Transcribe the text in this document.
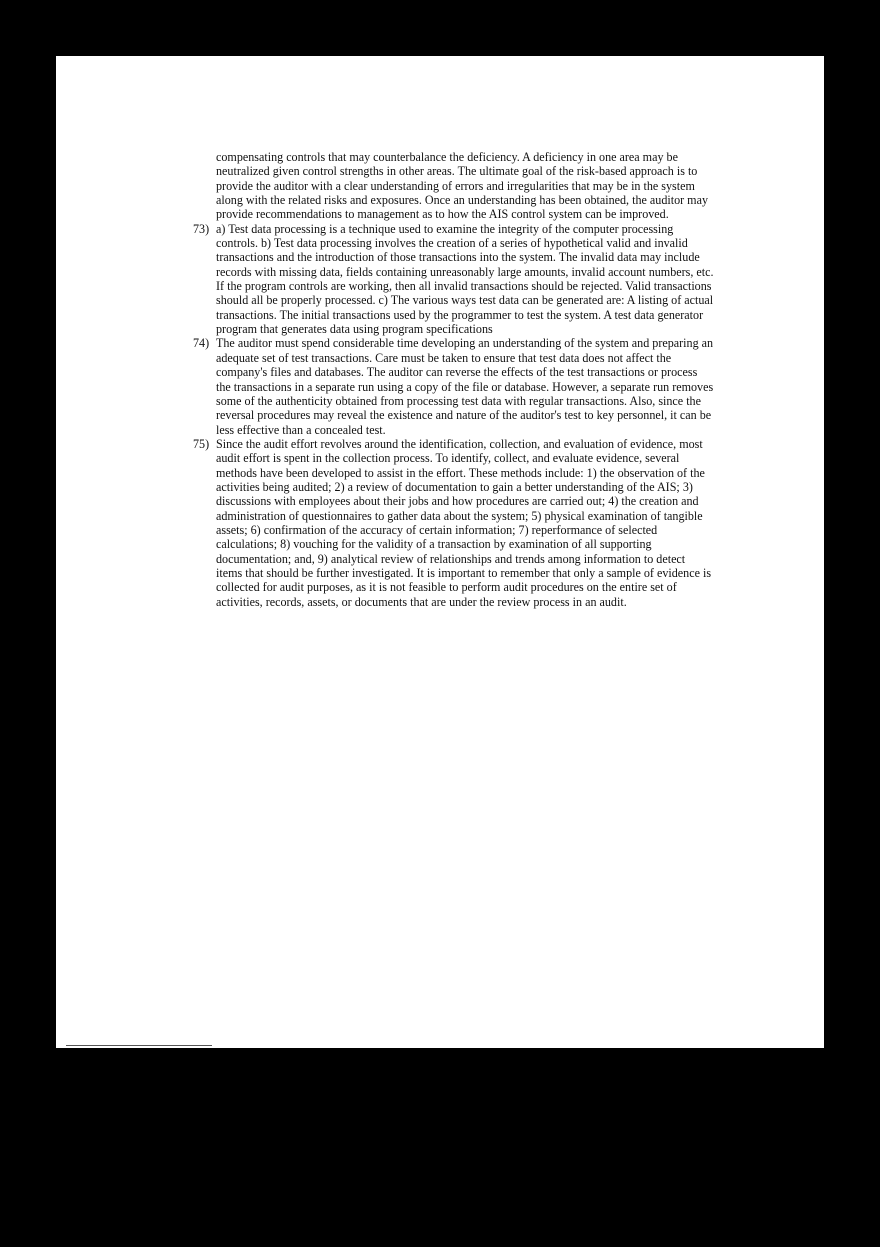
compensating controls that may counterbalance the deficiency. A deficiency in one area may be neutralized given control strengths in other areas. The ultimate goal of the risk-based approach is to provide the auditor with a clear understanding of errors and irregularities that may be in the system along with the related risks and exposures. Once an understanding has been obtained, the auditor may provide recommendations to management as to how the AIS control system can be improved.

73) a) Test data processing is a technique used to examine the integrity of the computer processing controls. b) Test data processing involves the creation of a series of hypothetical valid and invalid transactions and the introduction of those transactions into the system. The invalid data may include records with missing data, fields containing unreasonably large amounts, invalid account numbers, etc. If the program controls are working, then all invalid transactions should be rejected. Valid transactions should all be properly processed. c) The various ways test data can be generated are: A listing of actual transactions. The initial transactions used by the programmer to test the system. A test data generator program that generates data using program specifications
74) The auditor must spend considerable time developing an understanding of the system and preparing an adequate set of test transactions. Care must be taken to ensure that test data does not affect the company's files and databases. The auditor can reverse the effects of the test transactions or process the transactions in a separate run using a copy of the file or database. However, a separate run removes some of the authenticity obtained from processing test data with regular transactions. Also, since the reversal procedures may reveal the existence and nature of the auditor's test to key personnel, it can be less effective than a concealed test.
75) Since the audit effort revolves around the identification, collection, and evaluation of evidence, most audit effort is spent in the collection process. To identify, collect, and evaluate evidence, several methods have been developed to assist in the effort. These methods include: 1) the observation of the activities being audited; 2) a review of documentation to gain a better understanding of the AIS; 3) discussions with employees about their jobs and how procedures are carried out; 4) the creation and administration of questionnaires to gather data about the system; 5) physical examination of tangible assets; 6) confirmation of the accuracy of certain information; 7) reperformance of selected calculations; 8) vouching for the validity of a transaction by examination of all supporting documentation; and, 9) analytical review of relationships and trends among information to detect items that should be further investigated. It is important to remember that only a sample of evidence is collected for audit purposes, as it is not feasible to perform audit procedures on the entire set of activities, records, assets, or documents that are under the review process in an audit.
